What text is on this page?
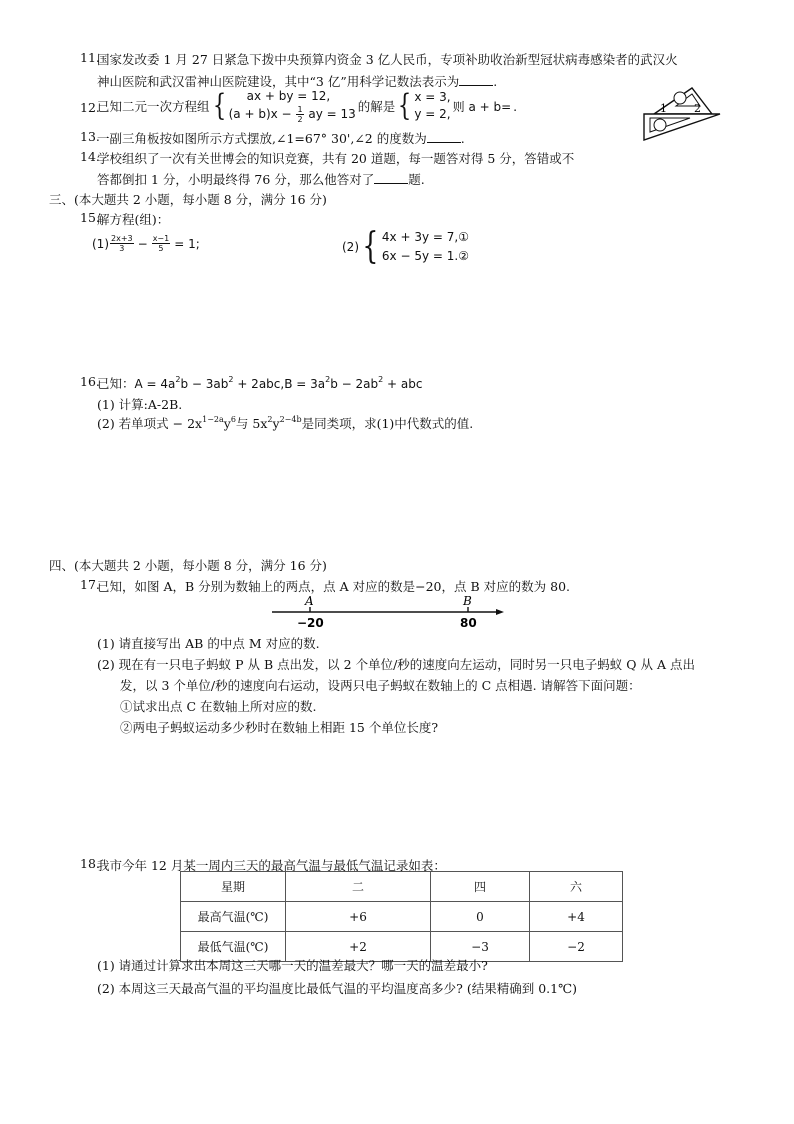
11.
国家发改委 1 月 27 日紧急下拨中央预算内资金 3 亿人民币，专项补助收治新型冠状病毒感染者的武汉火
神山医院和武汉雷神山医院建设，其中“3 亿”用科学记数法表示为	.
12.
已知二元一次方程组 {	ax + by = 12,
$(a + b)x - \frac{1}{2}$ ay = 13 的解是 { x = 3,
y = 2,
则 a + b= .	1 2
13.
一副三角板按如图所示方式摆放,∠1=67° 30',∠2 的度数为	.
14.
学校组织了一次有关世博会的知识竞赛，共有 20 道题，每一题答对得 5 分，答错或不
答都倒扣 1 分，小明最终得 76 分，那么他答对了	题.
三、(本大题共 2 小题，每小题 8 分，满分 16 分)
15.
解方程(组)：
$(1) \frac{2x+3}{3} - \frac{x-1}{5} = 1$;	(2) { 4x + 3y = 7,①
6x − 5y = 1.②
16.
已知：$A = 4a^2b - 3ab^2 + 2abc,B = 3a^2b - 2ab^2$ + abc
(1) 计算:A-2B.
(2) 若单项式 − $2x^{1-2a}y^6$与 $5x^2y^{2-4b}$是同类项，求(1)中代数式的值.
四、(本大题共 2 小题，每小题 8 分，满分 16 分)
17.
已知，如图 A，B 分别为数轴上的两点，点 A 对应的数是−20，点 B 对应的数为 80.
A	B
−20	80
(1) 请直接写出 AB 的中点 M 对应的数.
(2) 现在有一只电子蚂蚁 P 从 B 点出发，以 2 个单位/秒的速度向左运动，同时另一只电子蚂蚁 Q 从 A 点出
发，以 3 个单位/秒的速度向右运动，设两只电子蚂蚁在数轴上的 C 点相遇. 请解答下面问题：
①试求出点 C 在数轴上所对应的数.
②两电子蚂蚁运动多少秒时在数轴上相距 15 个单位长度?
18.
我市今年 12 月某一周内三天的最高气温与最低气温记录如表：
星期	二	四	六
最高气温(℃)	+6	0	+4
最低气温(℃)	+2	−3	−2
(1) 请通过计算求出本周这三天哪一天的温差最大？哪一天的温差最小?
(2) 本周这三天最高气温的平均温度比最低气温的平均温度高多少? (结果精确到 0.1℃)
